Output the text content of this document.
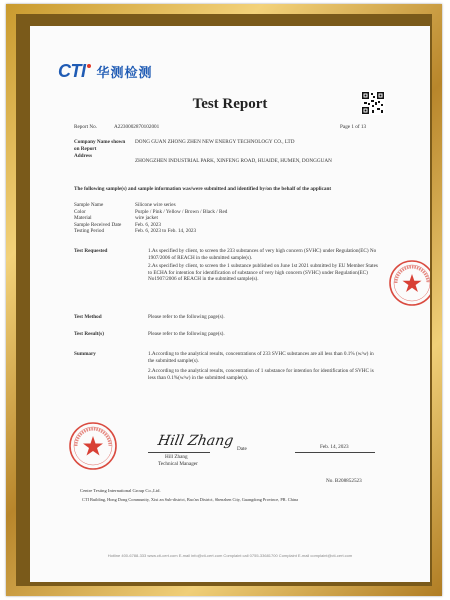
CTI 华测检测
Test Report
Report No.	A2230002870102001	Page 1 of 13
Company Name shown on Report
DONG GUAN ZHONG ZHEN NEW ENERGY TECHNOLOGY CO., LTD
Address
ZHONGZHEN INDUSTRIAL PARK, XINFENG ROAD, HUAIDE, HUMEN, DONGGUAN
The following sample(s) and sample information was/were submitted and identified by/on the behalf of the applicant
Sample Name	Silicone wire series
Color	Purple / Pink / Yellow / Brown / Black / Red
Material	wire jacket
Sample Received Date	Feb. 6, 2023
Testing Period	Feb. 6, 2023 to Feb. 14, 2023
Test Requested	1.As specified by client, to screen the 233 substances of very high concern (SVHC) under Regulation(EC) No 1907/2006 of REACH in the submitted sample(s).
2.As specified by client, to screen the 1 substance published on June 1st 2021 submitted by EU Member States to ECHA for intention for identification of substance of very high concern (SVHC) under Regulation(EC) No1907/2006 of REACH in the submitted sample(s).
Test Method	Please refer to the following page(s).
Test Result(s)	Please refer to the following page(s).
Summary	1.According to the analytical results, concentrations of 233 SVHC substances are all less than 0.1% (w/w) in the submitted sample(s).
2.According to the analytical results, concentration of 1 substance for intention for identification of SVHC is less than 0.1%(w/w) in the submitted sample(s).
Hill Zhang
Hill Zhang
Technical Manager
Date	Feb. 14, 2023
No. B208852523
Centre Testing International Group Co.,Ltd.
CTI Building, Hong Dong Community, Xixi an Sub-district, Bao'an District, Shenzhen City, Guangdong Province, PR. China
Hotline 400-6788-333 www.cti-cert.com E-mail info@cti-cert.com Complaint call 0755-33681700 Complaint E-mail complaint@cti-cert.com
